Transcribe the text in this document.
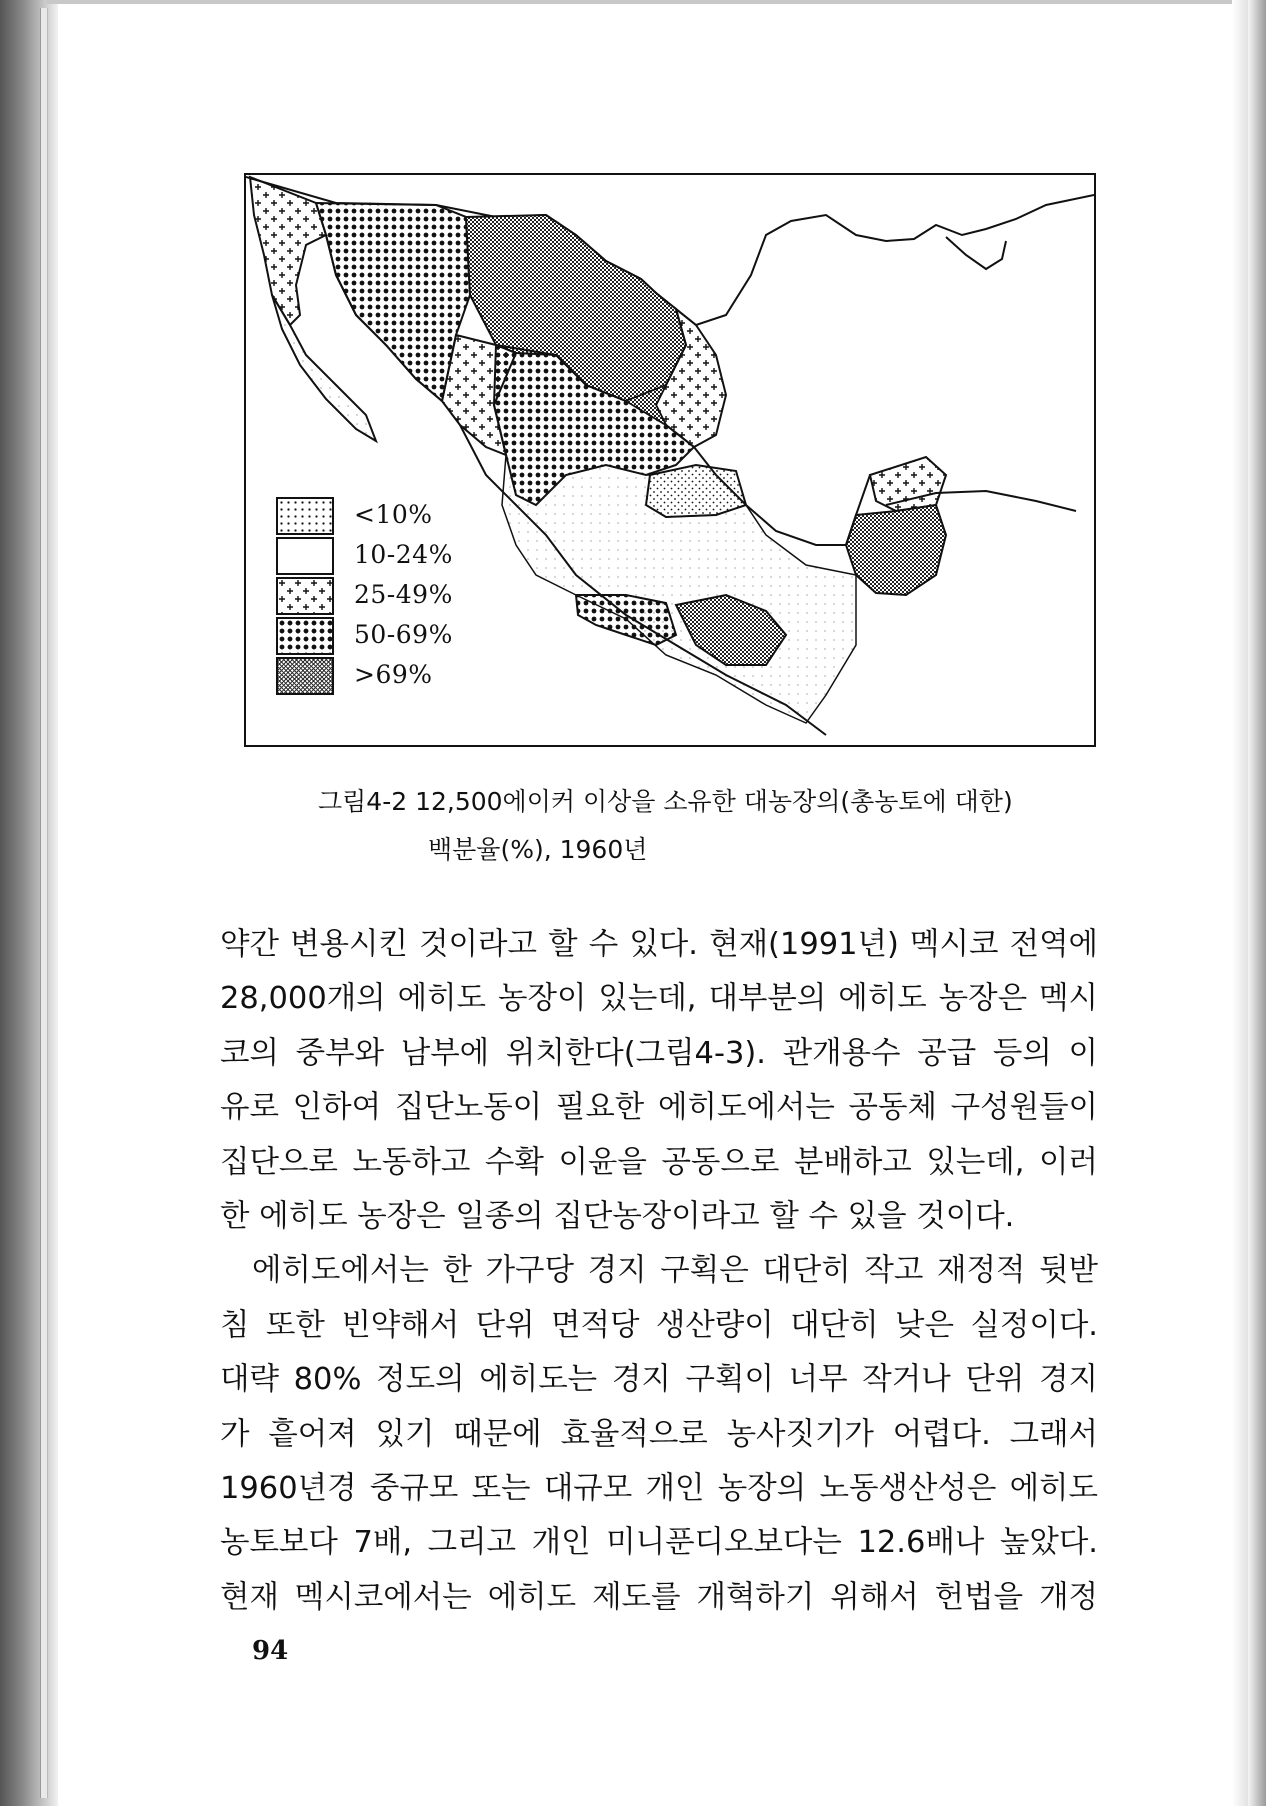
<10%
10-24%
25-49%
50-69%
>69%
그림4-2 12,500에이커 이상을 소유한 대농장의(총농토에 대한)
백분율(%), 1960년
약간 변용시킨 것이라고 할 수 있다. 현재(1991년) 멕시코 전역에
28,000개의 에히도 농장이 있는데, 대부분의 에히도 농장은 멕시
코의 중부와 남부에 위치한다(그림4-3). 관개용수 공급 등의 이
유로 인하여 집단노동이 필요한 에히도에서는 공동체 구성원들이
집단으로 노동하고 수확 이윤을 공동으로 분배하고 있는데, 이러
한 에히도 농장은 일종의 집단농장이라고 할 수 있을 것이다.
에히도에서는 한 가구당 경지 구획은 대단히 작고 재정적 뒷받
침 또한 빈약해서 단위 면적당 생산량이 대단히 낮은 실정이다.
대략 80% 정도의 에히도는 경지 구획이 너무 작거나 단위 경지
가 흩어져 있기 때문에 효율적으로 농사짓기가 어렵다. 그래서
1960년경 중규모 또는 대규모 개인 농장의 노동생산성은 에히도
농토보다 7배, 그리고 개인 미니푼디오보다는 12.6배나 높았다.
현재 멕시코에서는 에히도 제도를 개혁하기 위해서 헌법을 개정
94
